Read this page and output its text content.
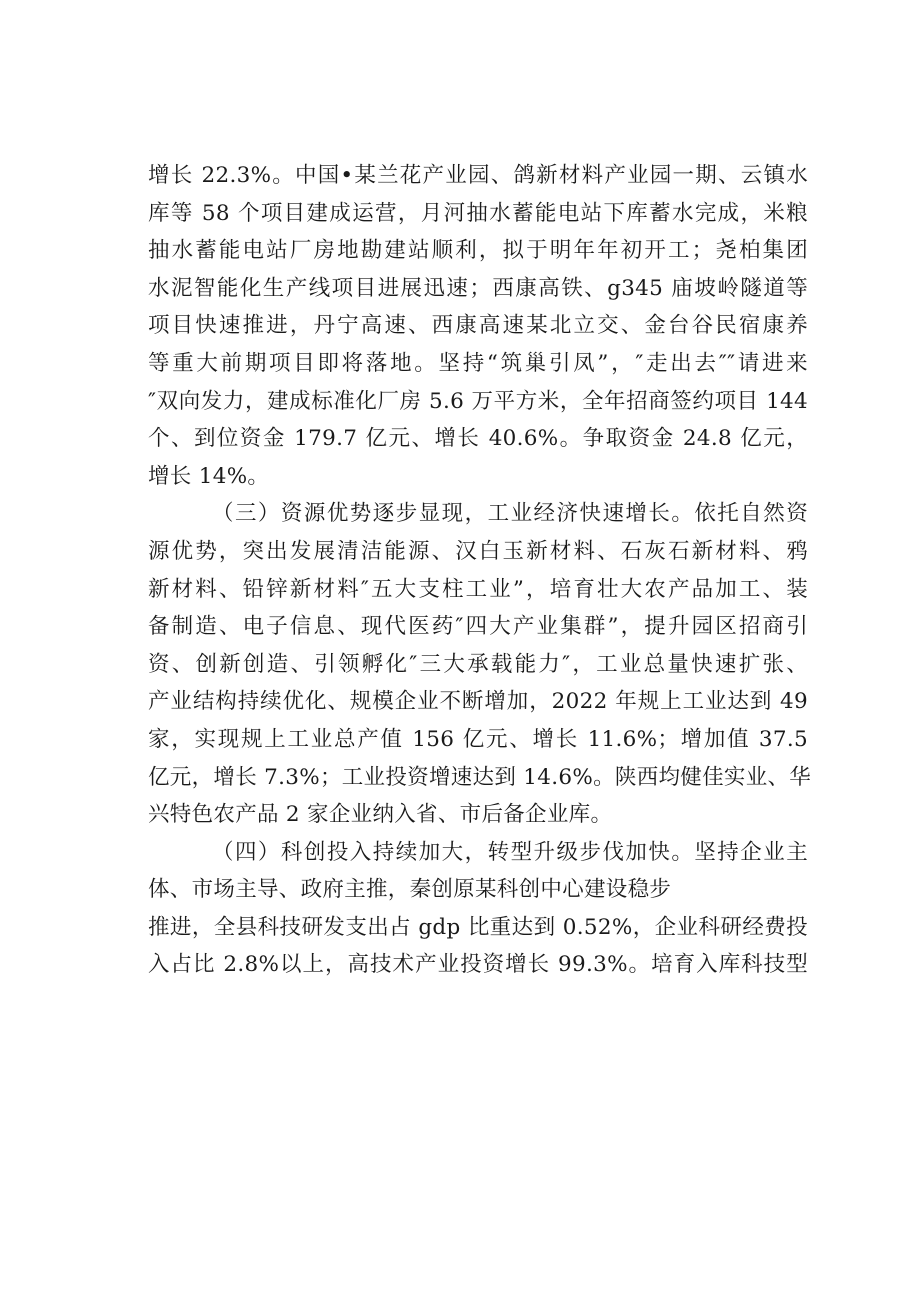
增长 22.3%。中国•某兰花产业园、鸽新材料产业园一期、云镇水
库等 58 个项目建成运营，月河抽水蓄能电站下库蓄水完成，米粮
抽水蓄能电站厂房地勘建站顺利，拟于明年年初开工；尧柏集团
水泥智能化生产线项目进展迅速；西康高铁、g345 庙坡岭隧道等
项目快速推进，丹宁高速、西康高速某北立交、金台谷民宿康养
等重大前期项目即将落地。坚持“筑巢引凤”，″走出去″″请进来
″双向发力，建成标准化厂房 5.6 万平方米，全年招商签约项目 144
个、到位资金 179.7 亿元、增长 40.6%。争取资金 24.8 亿元，
增长 14%。
（三）资源优势逐步显现，工业经济快速增长。依托自然资
源优势，突出发展清洁能源、汉白玉新材料、石灰石新材料、鸦
新材料、铅锌新材料″五大支柱工业”，培育壮大农产品加工、装
备制造、电子信息、现代医药″四大产业集群”，提升园区招商引
资、创新创造、引领孵化″三大承载能力″，工业总量快速扩张、
产业结构持续优化、规模企业不断增加，2022 年规上工业达到 49
家，实现规上工业总产值 156 亿元、增长 11.6%；增加值 37.5
亿元，增长 7.3%；工业投资增速达到 14.6%。陕西均健佳实业、华
兴特色农产品 2 家企业纳入省、市后备企业库。
（四）科创投入持续加大，转型升级步伐加快。坚持企业主
体、市场主导、政府主推，秦创原某科创中心建设稳步
推进，全县科技研发支出占 gdp 比重达到 0.52%，企业科研经费投
入占比 2.8%以上，高技术产业投资增长 99.3%。培育入库科技型
